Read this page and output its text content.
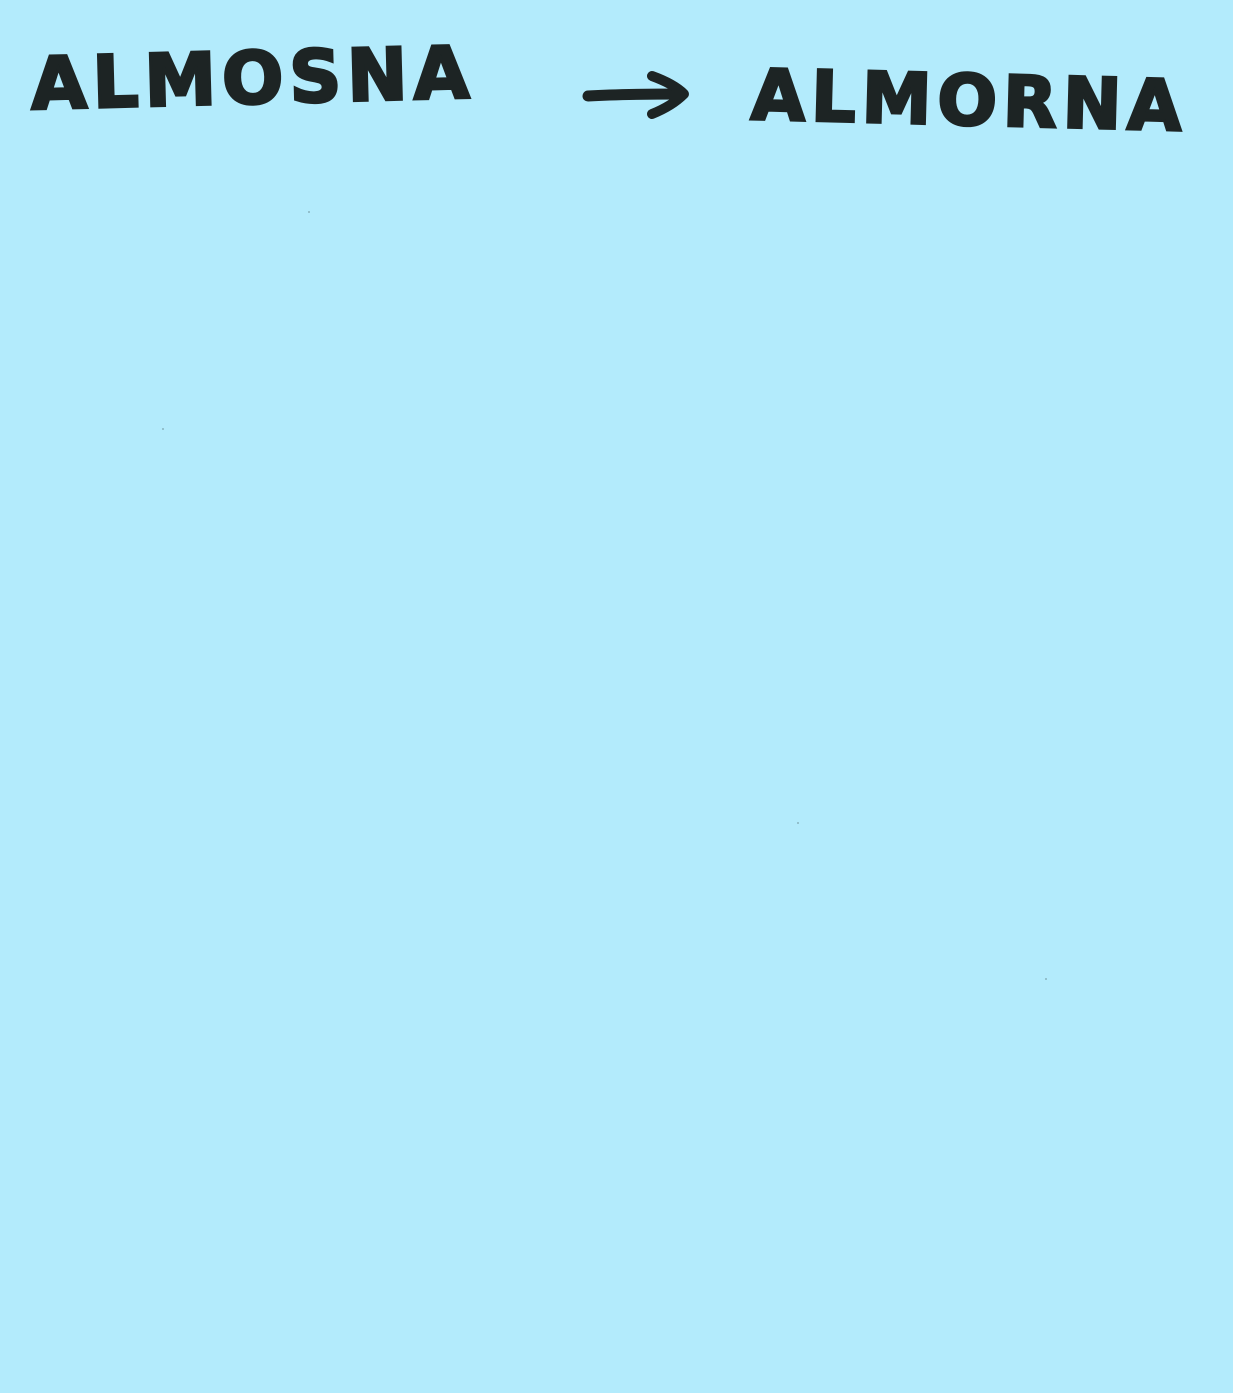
ALMOSNA	ALMORNA
